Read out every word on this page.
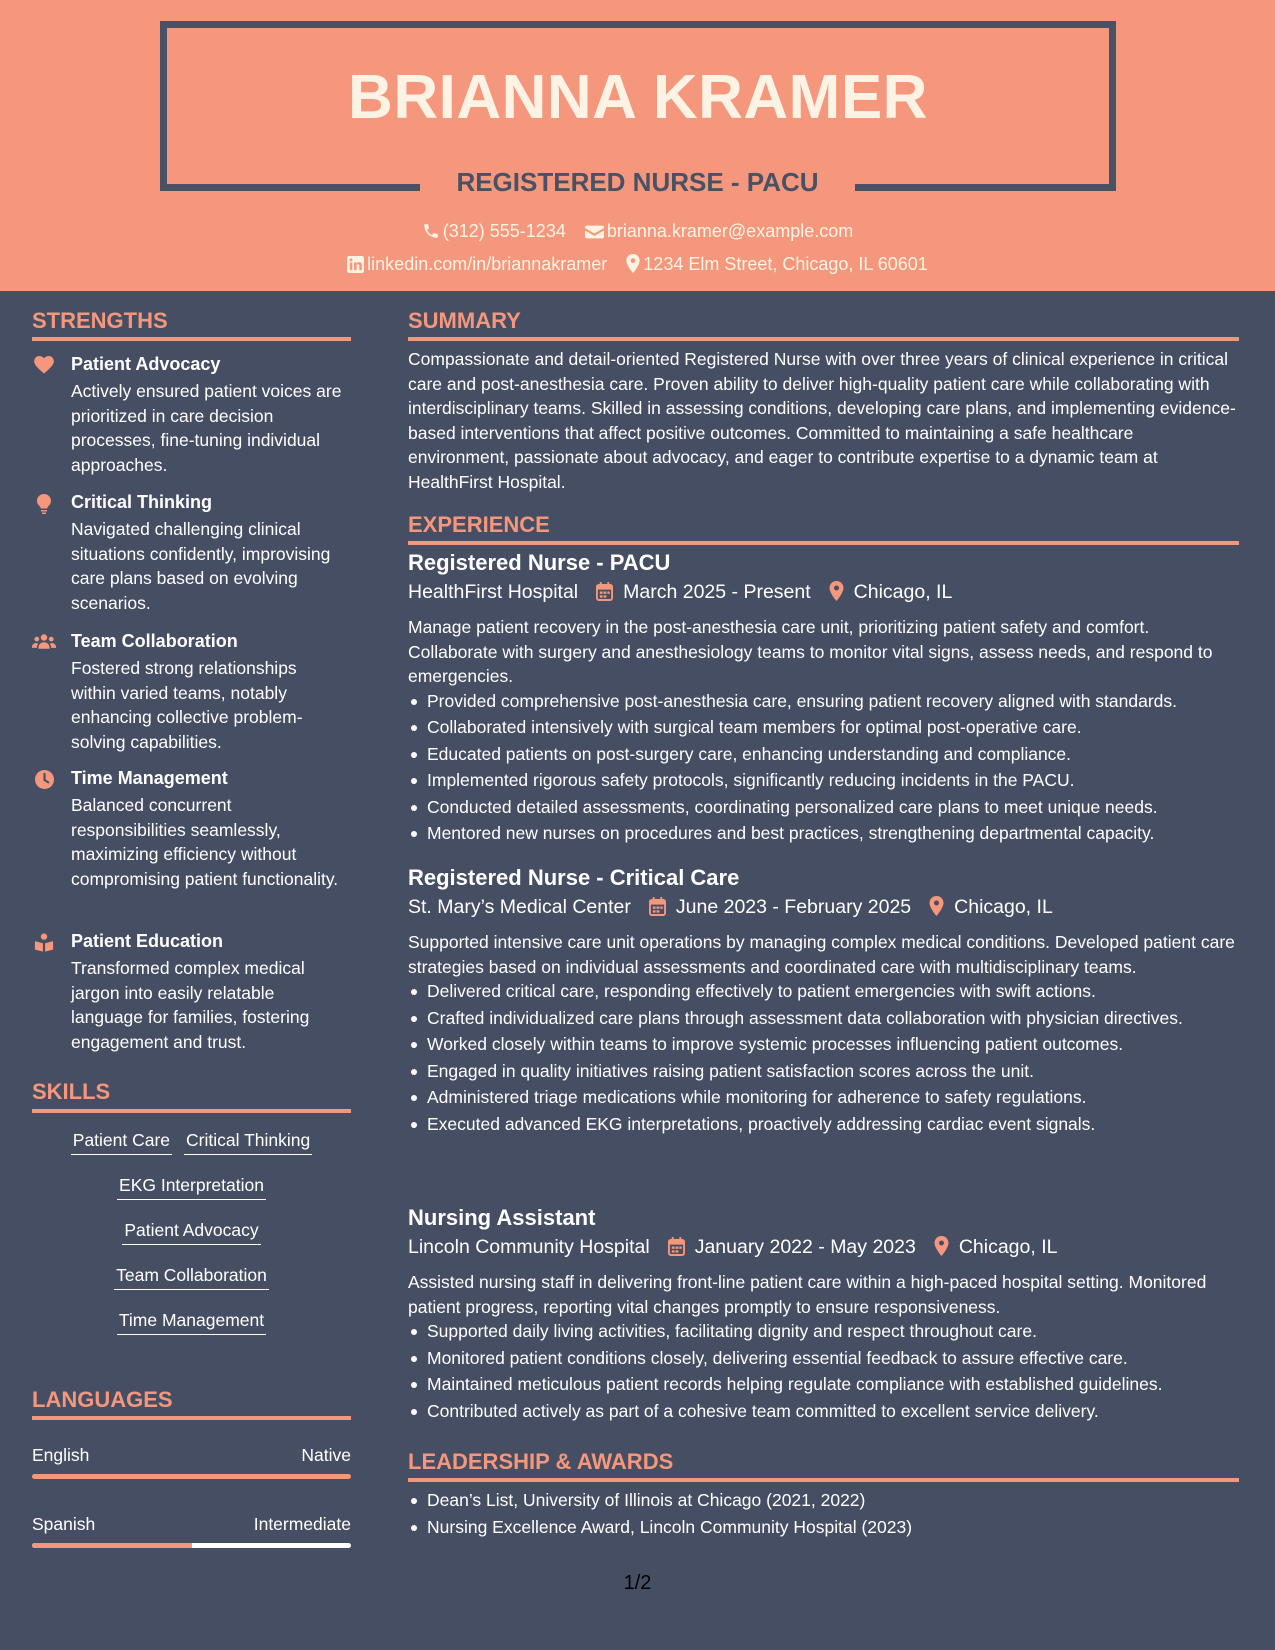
BRIANNA KRAMER
REGISTERED NURSE - PACU
(312) 555-1234 brianna.kramer@example.com
linkedin.com/in/briannakramer 1234 Elm Street, Chicago, IL 60601
STRENGTHS
Patient Advocacy
Actively ensured patient voices are prioritized in care decision processes, fine-tuning individual approaches.
Critical Thinking
Navigated challenging clinical situations confidently, improvising care plans based on evolving scenarios.
Team Collaboration
Fostered strong relationships within varied teams, notably enhancing collective problem-solving capabilities.
Time Management
Balanced concurrent responsibilities seamlessly, maximizing efficiency without compromising patient functionality.
Patient Education
Transformed complex medical jargon into easily relatable language for families, fostering engagement and trust.
SKILLS
Patient Care Critical Thinking
EKG Interpretation
Patient Advocacy
Team Collaboration
Time Management
LANGUAGES
English	Native
Spanish	Intermediate
SUMMARY
Compassionate and detail-oriented Registered Nurse with over three years of clinical experience in critical care and post-anesthesia care. Proven ability to deliver high-quality patient care while collaborating with interdisciplinary teams. Skilled in assessing conditions, developing care plans, and implementing evidence-based interventions that affect positive outcomes. Committed to maintaining a safe healthcare environment, passionate about advocacy, and eager to contribute expertise to a dynamic team at HealthFirst Hospital.
EXPERIENCE
Registered Nurse - PACU
HealthFirst Hospital March 2025 - Present Chicago, IL
Manage patient recovery in the post-anesthesia care unit, prioritizing patient safety and comfort. Collaborate with surgery and anesthesiology teams to monitor vital signs, assess needs, and respond to emergencies.
Provided comprehensive post-anesthesia care, ensuring patient recovery aligned with standards.
Collaborated intensively with surgical team members for optimal post-operative care.
Educated patients on post-surgery care, enhancing understanding and compliance.
Implemented rigorous safety protocols, significantly reducing incidents in the PACU.
Conducted detailed assessments, coordinating personalized care plans to meet unique needs.
Mentored new nurses on procedures and best practices, strengthening departmental capacity.
Registered Nurse - Critical Care
St. Mary’s Medical Center June 2023 - February 2025 Chicago, IL
Supported intensive care unit operations by managing complex medical conditions. Developed patient care strategies based on individual assessments and coordinated care with multidisciplinary teams.
Delivered critical care, responding effectively to patient emergencies with swift actions.
Crafted individualized care plans through assessment data collaboration with physician directives.
Worked closely within teams to improve systemic processes influencing patient outcomes.
Engaged in quality initiatives raising patient satisfaction scores across the unit.
Administered triage medications while monitoring for adherence to safety regulations.
Executed advanced EKG interpretations, proactively addressing cardiac event signals.
Nursing Assistant
Lincoln Community Hospital January 2022 - May 2023 Chicago, IL
Assisted nursing staff in delivering front-line patient care within a high-paced hospital setting. Monitored patient progress, reporting vital changes promptly to ensure responsiveness.
Supported daily living activities, facilitating dignity and respect throughout care.
Monitored patient conditions closely, delivering essential feedback to assure effective care.
Maintained meticulous patient records helping regulate compliance with established guidelines.
Contributed actively as part of a cohesive team committed to excellent service delivery.
LEADERSHIP & AWARDS
Dean’s List, University of Illinois at Chicago (2021, 2022)
Nursing Excellence Award, Lincoln Community Hospital (2023)
1/2
